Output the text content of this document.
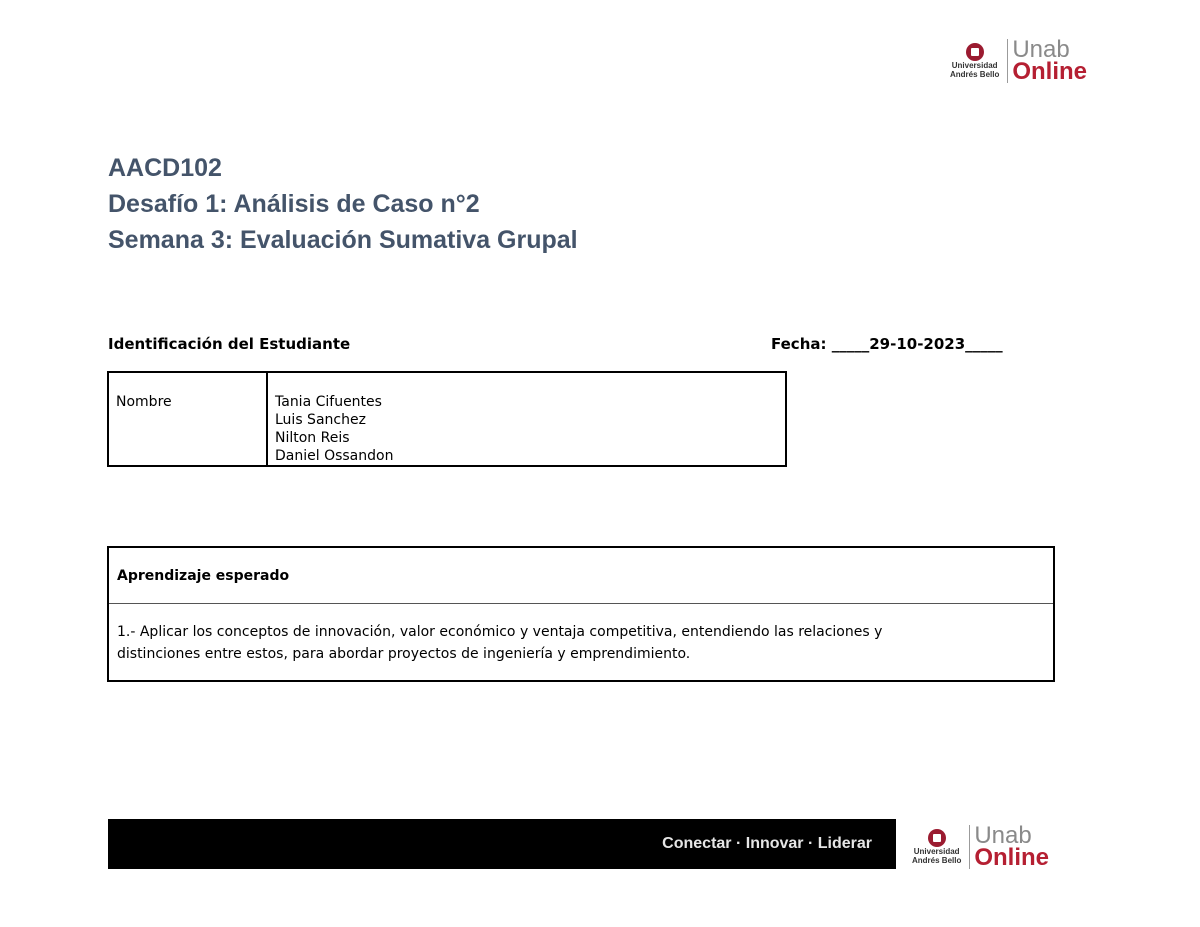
Universidad
Andrés Bello
Unab
Online
AACD102
Desafío 1: Análisis de Caso n°2
Semana 3: Evaluación Sumativa Grupal
Identificación del Estudiante	Fecha: _____29-10-2023_____
Nombre	Tania Cifuentes
Luis Sanchez
Nilton Reis
Daniel Ossandon
Aprendizaje esperado
1.- Aplicar los conceptos de innovación, valor económico y ventaja competitiva, entendiendo las relaciones y
distinciones entre estos, para abordar proyectos de ingeniería y emprendimiento.
Conectar · Innovar · Liderar	Universidad
Andrés Bello
Unab
Online
